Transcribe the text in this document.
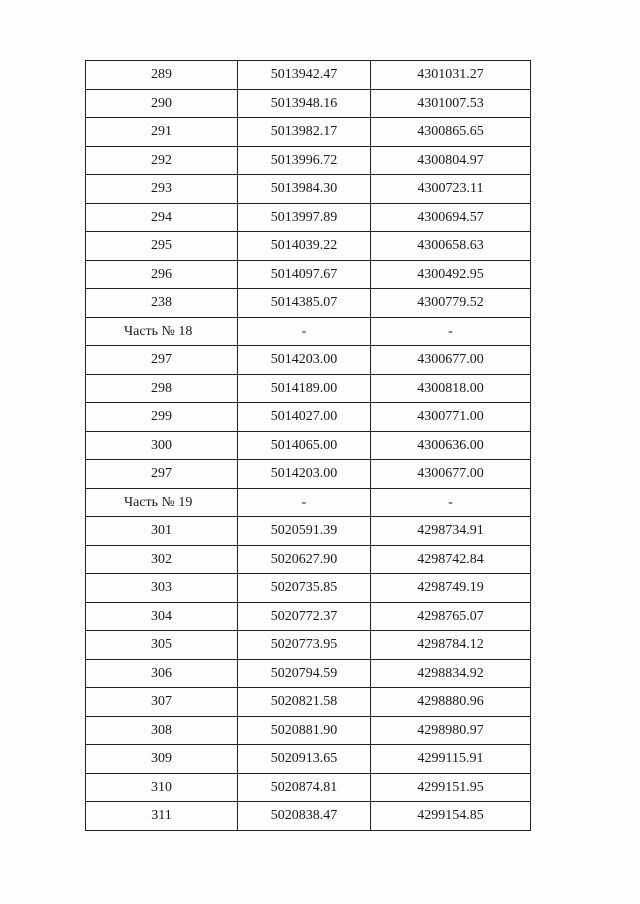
289	5013942.47	4301031.27
290	5013948.16	4301007.53
291	5013982.17	4300865.65
292	5013996.72	4300804.97
293	5013984.30	4300723.11
294	5013997.89	4300694.57
295	5014039.22	4300658.63
296	5014097.67	4300492.95
238	5014385.07	4300779.52
Часть № 18	-	-
297	5014203.00	4300677.00
298	5014189.00	4300818.00
299	5014027.00	4300771.00
300	5014065.00	4300636.00
297	5014203.00	4300677.00
Часть № 19	-	-
301	5020591.39	4298734.91
302	5020627.90	4298742.84
303	5020735.85	4298749.19
304	5020772.37	4298765.07
305	5020773.95	4298784.12
306	5020794.59	4298834.92
307	5020821.58	4298880.96
308	5020881.90	4298980.97
309	5020913.65	4299115.91
310	5020874.81	4299151.95
311	5020838.47	4299154.85
